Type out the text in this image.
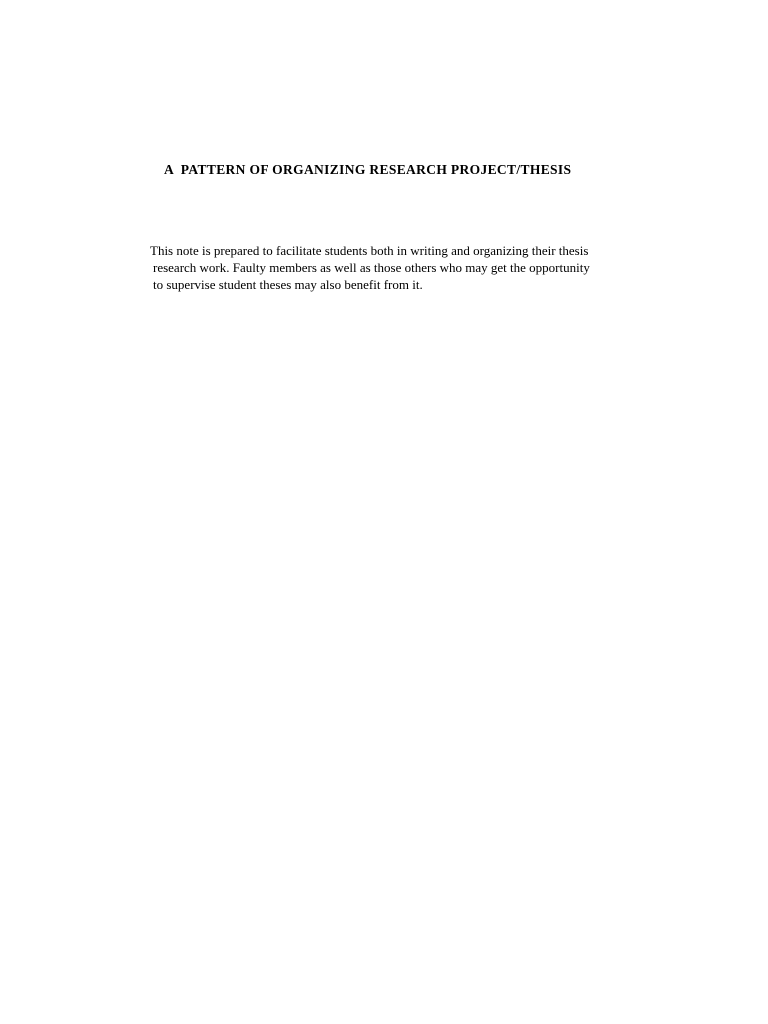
A  PATTERN OF ORGANIZING RESEARCH PROJECT/THESIS

This note is prepared to facilitate students both in writing and organizing their thesis
research work. Faulty members as well as those others who may get the opportunity
to supervise student theses may also benefit from it.
